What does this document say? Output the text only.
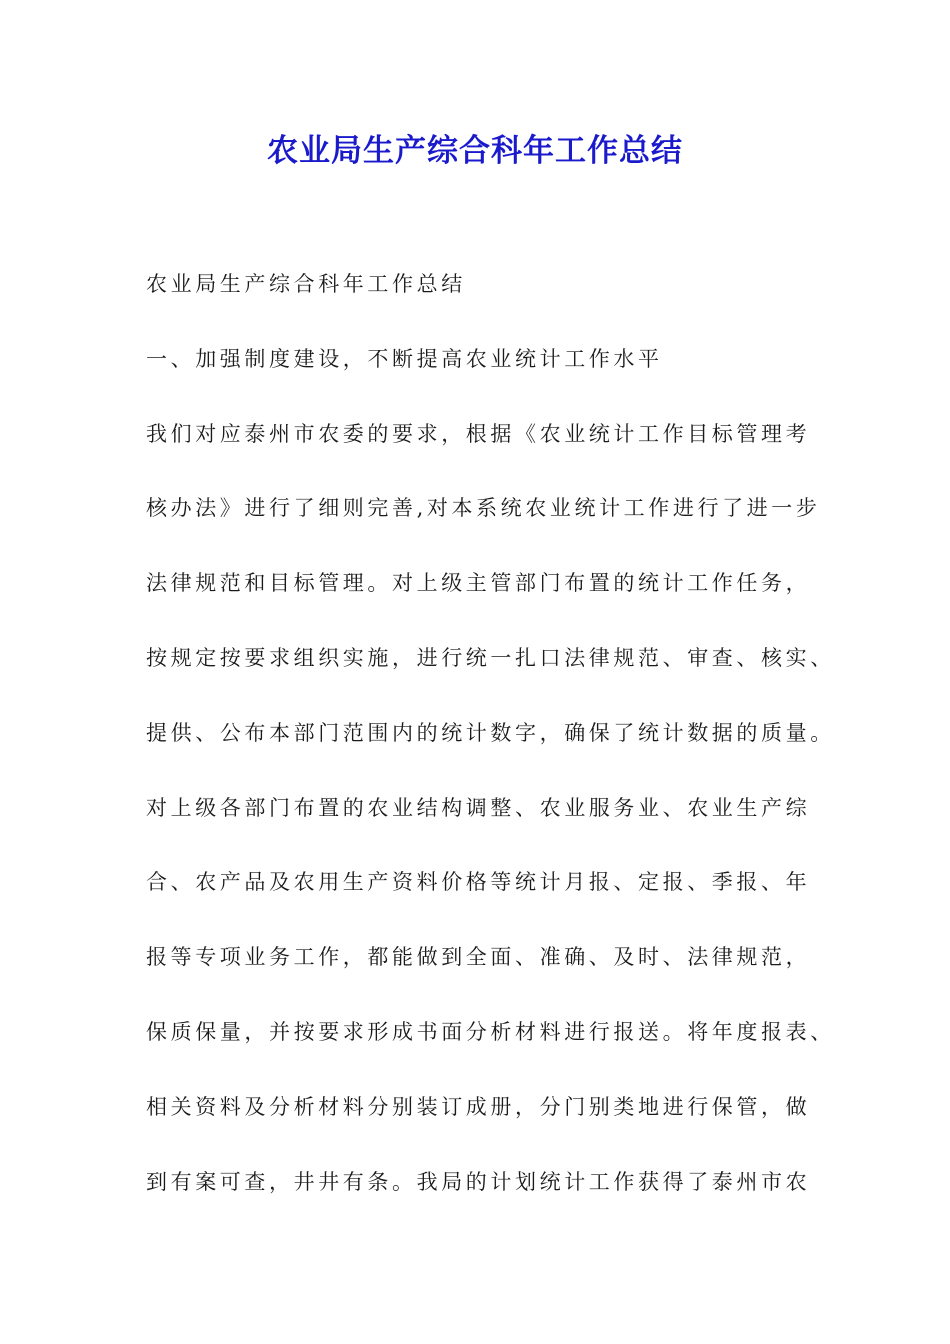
农业局生产综合科年工作总结
农业局生产综合科年工作总结
一、加强制度建设，不断提高农业统计工作水平
我们对应泰州市农委的要求，根据《农业统计工作目标管理考
核办法》进行了细则完善,对本系统农业统计工作进行了进一步
法律规范和目标管理。对上级主管部门布置的统计工作任务，
按规定按要求组织实施，进行统一扎口法律规范、审查、核实、
提供、公布本部门范围内的统计数字，确保了统计数据的质量。
对上级各部门布置的农业结构调整、农业服务业、农业生产综
合、农产品及农用生产资料价格等统计月报、定报、季报、年
报等专项业务工作，都能做到全面、准确、及时、法律规范，
保质保量，并按要求形成书面分析材料进行报送。将年度报表、
相关资料及分析材料分别装订成册，分门别类地进行保管，做
到有案可查，井井有条。我局的计划统计工作获得了泰州市农
